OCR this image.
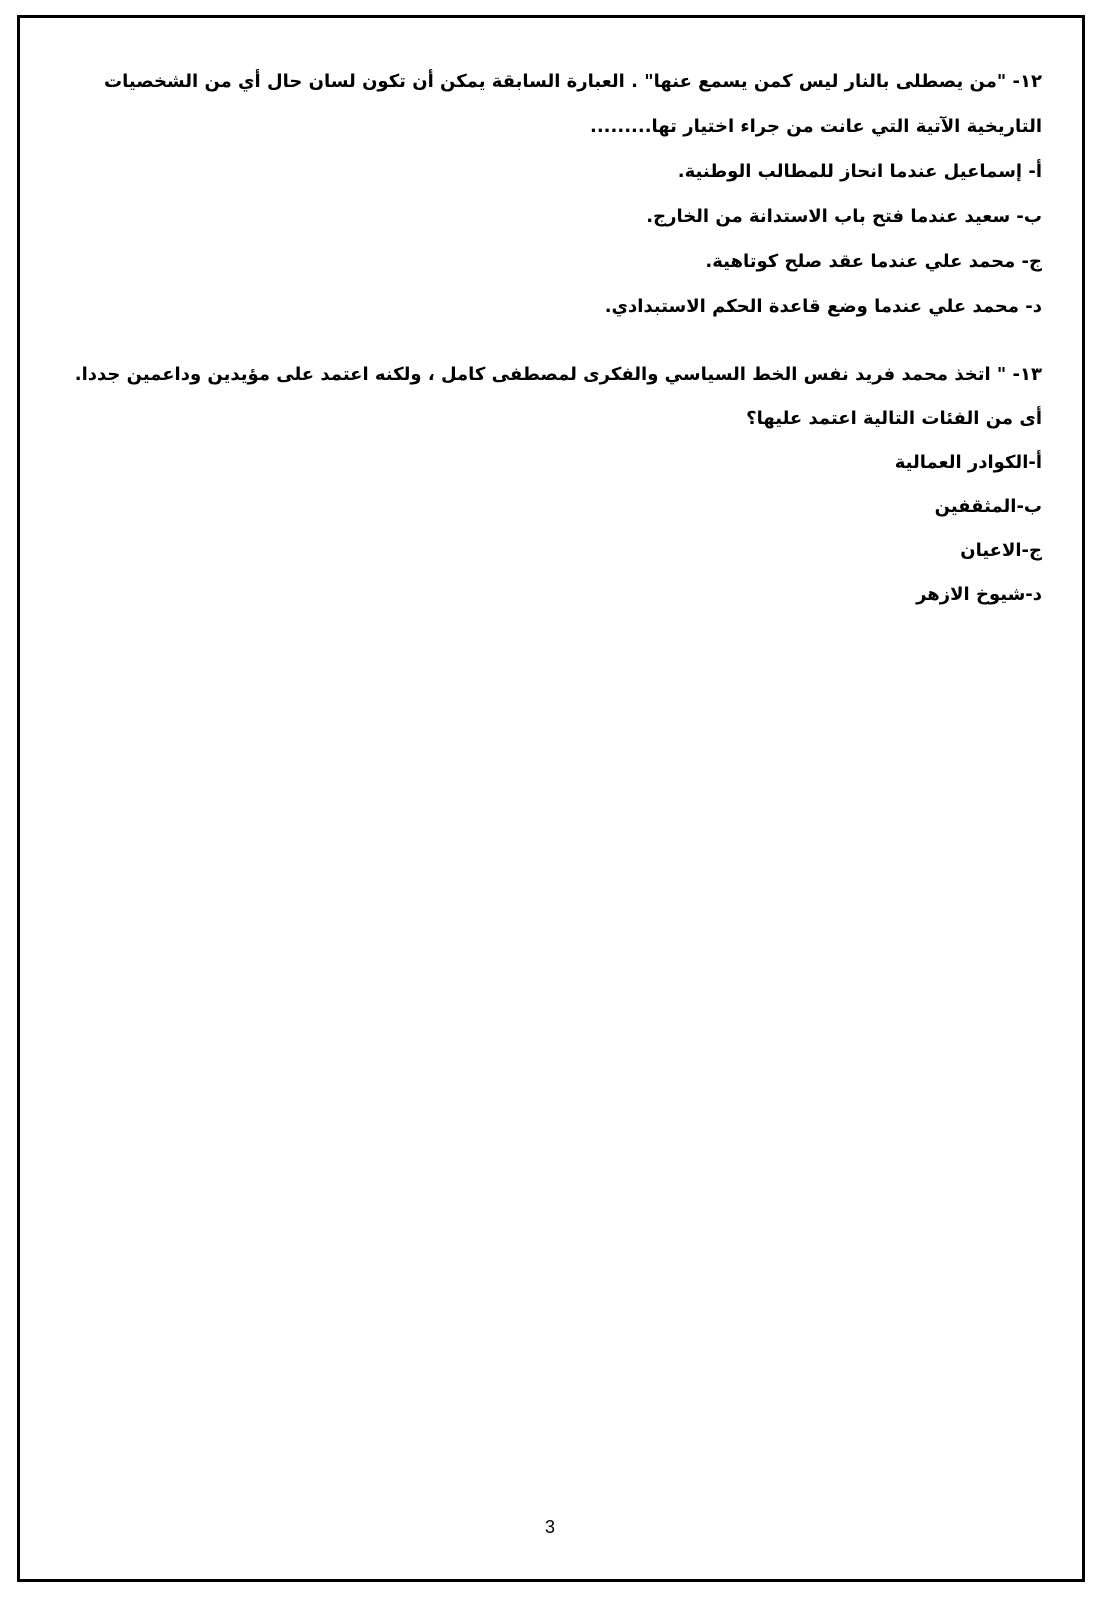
١٢- "من يصطلى بالنار ليس كمن يسمع عنها" . العبارة السابقة يمكن أن تكون لسان حال أي من الشخصيات
التاريخية الآتية التي عانت من جراء اختيار تها.........
أ- إسماعيل عندما انحاز للمطالب الوطنية.
ب- سعيد عندما فتح باب الاستدانة من الخارج.
ج- محمد علي عندما عقد صلح كوتاهية.
د- محمد علي عندما وضع قاعدة الحكم الاستبدادي.
١٣- " اتخذ محمد فريد نفس الخط السياسي والفكرى لمصطفى كامل ، ولكنه اعتمد على مؤيدين وداعمين جددا.
أى من الفئات التالية اعتمد عليها؟
أ-الكوادر العمالية
ب-المثقفين
ج-الاعيان
د-شيوخ الازهر
3
